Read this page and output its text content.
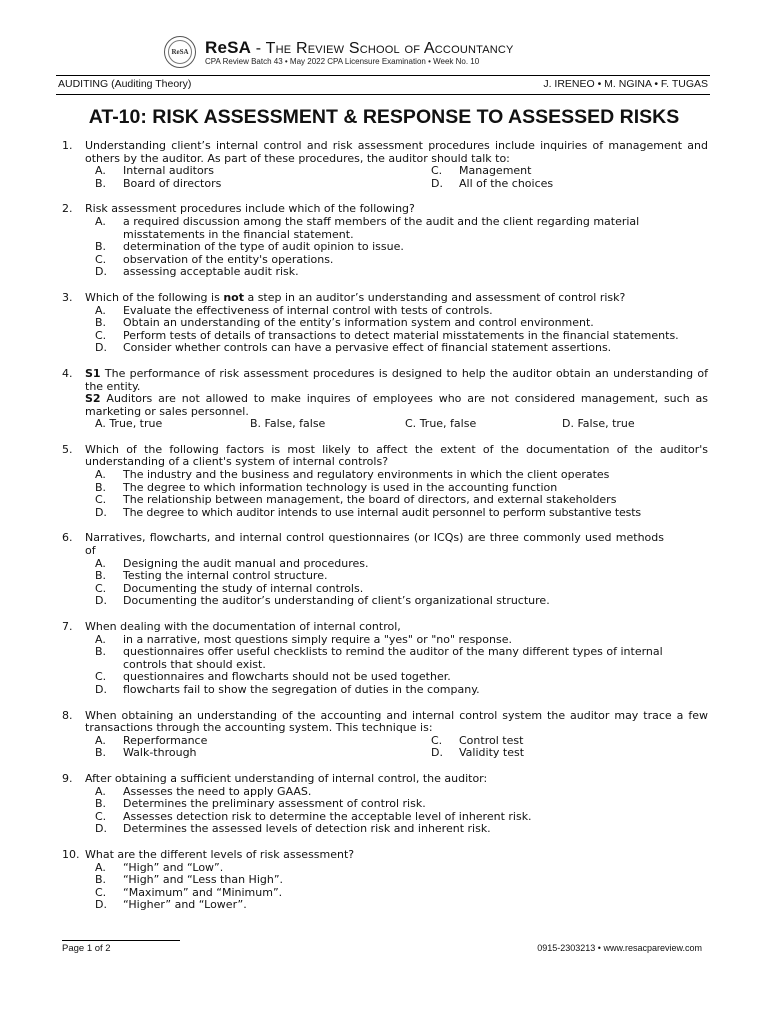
ReSA ReSA - The Review School of Accountancy
CPA Review Batch 43 • May 2022 CPA Licensure Examination • Week No. 10
AUDITING (Auditing Theory)	J. IRENEO • M. NGINA • F. TUGAS
AT-10: RISK ASSESSMENT & RESPONSE TO ASSESSED RISKS
1. Understanding client’s internal control and risk assessment procedures include inquiries of management and others by the auditor. As part of these procedures, the auditor should talk to:
A. Internal auditors	C. Management
B. Board of directors	D. All of the choices
2. Risk assessment procedures include which of the following?
A. a required discussion among the staff members of the audit and the client regarding material misstatements in the financial statement.
B. determination of the type of audit opinion to issue.
C. observation of the entity's operations.
D. assessing acceptable audit risk.
3. Which of the following is not a step in an auditor’s understanding and assessment of control risk?
A. Evaluate the effectiveness of internal control with tests of controls.
B. Obtain an understanding of the entity’s information system and control environment.
C. Perform tests of details of transactions to detect material misstatements in the financial statements.
D. Consider whether controls can have a pervasive effect of financial statement assertions.
4. S1 The performance of risk assessment procedures is designed to help the auditor obtain an understanding of the entity.
S2 Auditors are not allowed to make inquires of employees who are not considered management, such as marketing or sales personnel.
A. True, true	B. False, false	C. True, false	D. False, true
5. Which of the following factors is most likely to affect the extent of the documentation of the auditor's understanding of a client's system of internal controls?
A. The industry and the business and regulatory environments in which the client operates
B. The degree to which information technology is used in the accounting function
C. The relationship between management, the board of directors, and external stakeholders
D. The degree to which auditor intends to use internal audit personnel to perform substantive tests
6. Narratives, flowcharts, and internal control questionnaires (or ICQs) are three commonly used methods of
A. Designing the audit manual and procedures.
B. Testing the internal control structure.
C. Documenting the study of internal controls.
D. Documenting the auditor’s understanding of client’s organizational structure.
7. When dealing with the documentation of internal control,
A. in a narrative, most questions simply require a "yes" or "no" response.
B. questionnaires offer useful checklists to remind the auditor of the many different types of internal controls that should exist.
C. questionnaires and flowcharts should not be used together.
D. flowcharts fail to show the segregation of duties in the company.
8. When obtaining an understanding of the accounting and internal control system the auditor may trace a few transactions through the accounting system. This technique is:
A. Reperformance	C. Control test
B. Walk-through	D. Validity test
9. After obtaining a sufficient understanding of internal control, the auditor:
A. Assesses the need to apply GAAS.
B. Determines the preliminary assessment of control risk.
C. Assesses detection risk to determine the acceptable level of inherent risk.
D. Determines the assessed levels of detection risk and inherent risk.
10. What are the different levels of risk assessment?
A. “High” and “Low”.
B. “High” and “Less than High”.
C. “Maximum” and “Minimum”.
D. “Higher” and “Lower”.
Page 1 of 2	0915-2303213 • www.resacpareview.com
